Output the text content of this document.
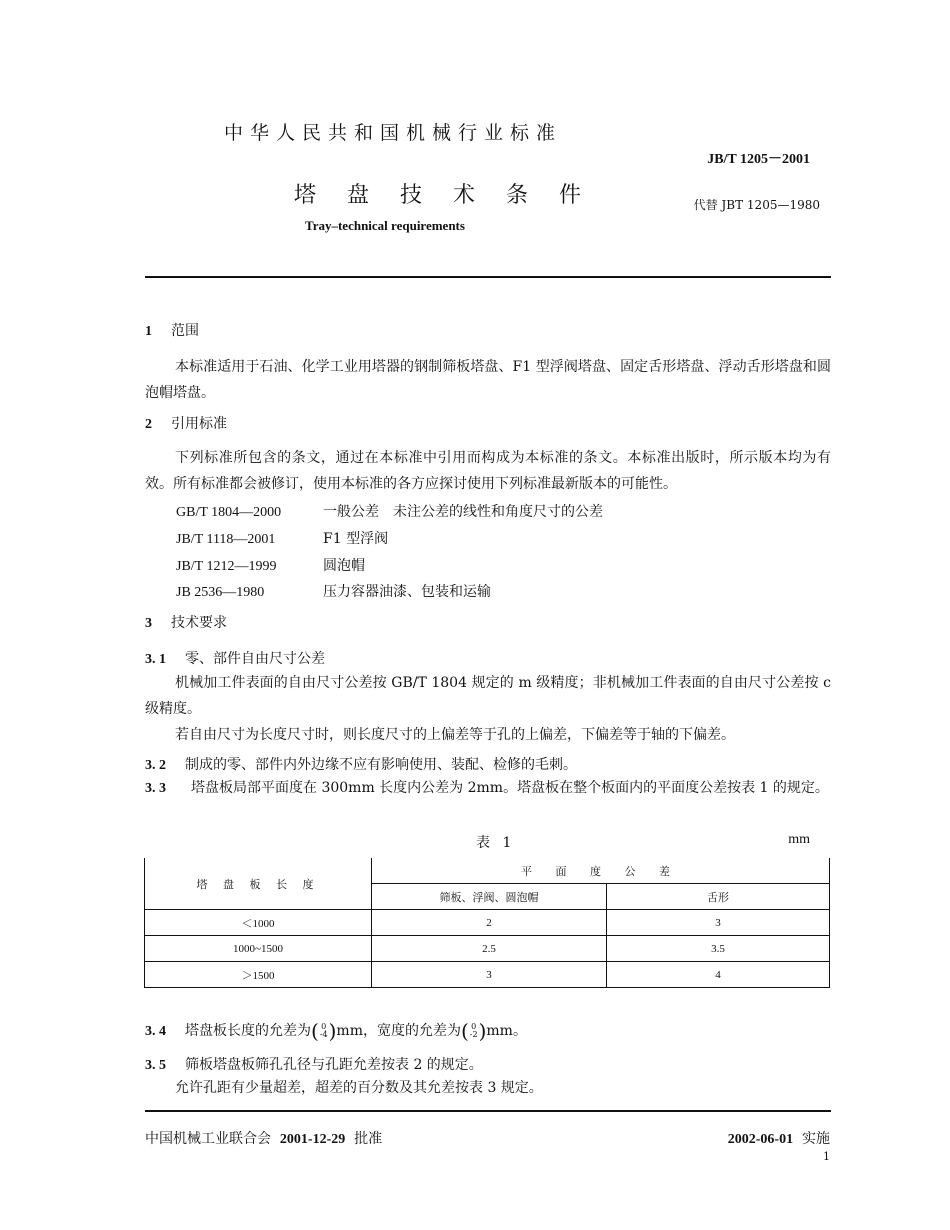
中华人民共和国机械行业标准
JB/T 1205－2001
塔 盘 技 术 条 件	代替 JBT 1205—1980
Tray–technical requirements
1 范围
本标准适用于石油、化学工业用塔器的钢制筛板塔盘、F1 型浮阀塔盘、固定舌形塔盘、浮动舌形塔盘和圆泡帽塔盘。
2 引用标准
下列标准所包含的条文，通过在本标准中引用而构成为本标准的条文。本标准出版时，所示版本均为有效。所有标准都会被修订，使用本标准的各方应探讨使用下列标准最新版本的可能性。
GB/T 1804—2000	一般公差　未注公差的线性和角度尺寸的公差
JB/T 1118—2001	F1 型浮阀
JB/T 1212—1999	圆泡帽
JB 2536—1980	压力容器油漆、包装和运输
3 技术要求
3. 1 零、部件自由尺寸公差
机械加工件表面的自由尺寸公差按 GB/T 1804 规定的 m 级精度；非机械加工件表面的自由尺寸公差按 c 级精度。
若自由尺寸为长度尺寸时，则长度尺寸的上偏差等于孔的上偏差，下偏差等于轴的下偏差。
3. 2 制成的零、部件内外边缘不应有影响使用、装配、检修的毛刺。
3. 3 塔盘板局部平面度在 300mm 长度内公差为 2mm。塔盘板在整个板面内的平面度公差按表 1 的规定。
表 1	mm
塔 盘 板 长 度	平 面 度 公 差	
	筛板、浮阀、圆泡帽	舌形
＜1000	2	3
1000~1500	2.5	3.5
＞1500	3	4
3. 4 塔盘板长度的允差为( 0
-4)mm，宽度的允差为( 0
-2)mm。
3. 5 筛板塔盘板筛孔孔径与孔距允差按表 2 的规定。
允许孔距有少量超差，超差的百分数及其允差按表 3 规定。
中国机械工业联合会 2001-12-29 批准	2002-06-01 实施
1
